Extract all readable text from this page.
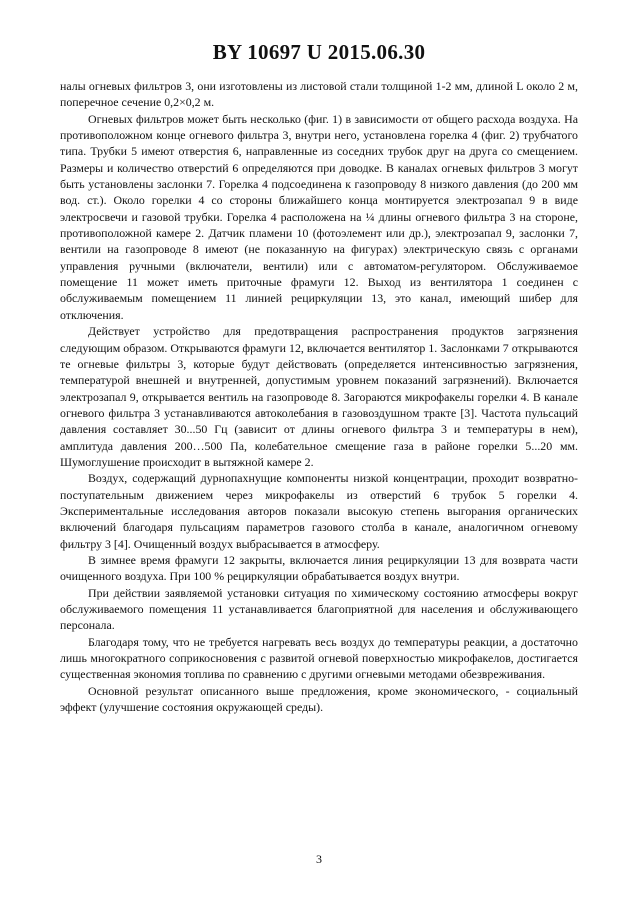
BY 10697 U 2015.06.30

налы огневых фильтров 3, они изготовлены из листовой стали толщиной 1-2 мм, длиной L около 2 м, поперечное сечение 0,2×0,2 м.

Огневых фильтров может быть несколько (фиг. 1) в зависимости от общего расхода воздуха. На противоположном конце огневого фильтра 3, внутри него, установлена горелка 4 (фиг. 2) трубчатого типа. Трубки 5 имеют отверстия 6, направленные из соседних трубок друг на друга со смещением. Размеры и количество отверстий 6 определяются при доводке. В каналах огневых фильтров 3 могут быть установлены заслонки 7. Горелка 4 подсоединена к газопроводу 8 низкого давления (до 200 мм вод. ст.). Около горелки 4 со стороны ближайшего конца монтируется электрозапал 9 в виде электросвечи и газовой трубки. Горелка 4 расположена на ¼ длины огневого фильтра 3 на стороне, противоположной камере 2. Датчик пламени 10 (фотоэлемент или др.), электрозапал 9, заслонки 7, вентили на газопроводе 8 имеют (не показанную на фигурах) электрическую связь с органами управления ручными (включатели, вентили) или с автоматом-регулятором. Обслуживаемое помещение 11 может иметь приточные фрамуги 12. Выход из вентилятора 1 соединен с обслуживаемым помещением 11 линией рециркуляции 13, это канал, имеющий шибер для отключения.

Действует устройство для предотвращения распространения продуктов загрязнения следующим образом. Открываются фрамуги 12, включается вентилятор 1. Заслонками 7 открываются те огневые фильтры 3, которые будут действовать (определяется интенсивностью загрязнения, температурой внешней и внутренней, допустимым уровнем показаний загрязнений). Включается электрозапал 9, открывается вентиль на газопроводе 8. Загораются микрофакелы горелки 4. В канале огневого фильтра 3 устанавливаются автоколебания в газовоздушном тракте [3]. Частота пульсаций давления составляет 30...50 Гц (зависит от длины огневого фильтра 3 и температуры в нем), амплитуда давления 200…500 Па, колебательное смещение газа в районе горелки 5...20 мм. Шумоглушение происходит в вытяжной камере 2.

Воздух, содержащий дурнопахнущие компоненты низкой концентрации, проходит возвратно-поступательным движением через микрофакелы из отверстий 6 трубок 5 горелки 4. Экспериментальные исследования авторов показали высокую степень выгорания органических включений благодаря пульсациям параметров газового столба в канале, аналогичном огневому фильтру 3 [4]. Очищенный воздух выбрасывается в атмосферу.

В зимнее время фрамуги 12 закрыты, включается линия рециркуляции 13 для возврата части очищенного воздуха. При 100 % рециркуляции обрабатывается воздух внутри.

При действии заявляемой установки ситуация по химическому состоянию атмосферы вокруг обслуживаемого помещения 11 устанавливается благоприятной для населения и обслуживающего персонала.

Благодаря тому, что не требуется нагревать весь воздух до температуры реакции, а достаточно лишь многократного соприкосновения с развитой огневой поверхностью микрофакелов, достигается существенная экономия топлива по сравнению с другими огневыми методами обезвреживания.

Основной результат описанного выше предложения, кроме экономического, - социальный эффект (улучшение состояния окружающей среды).

3
